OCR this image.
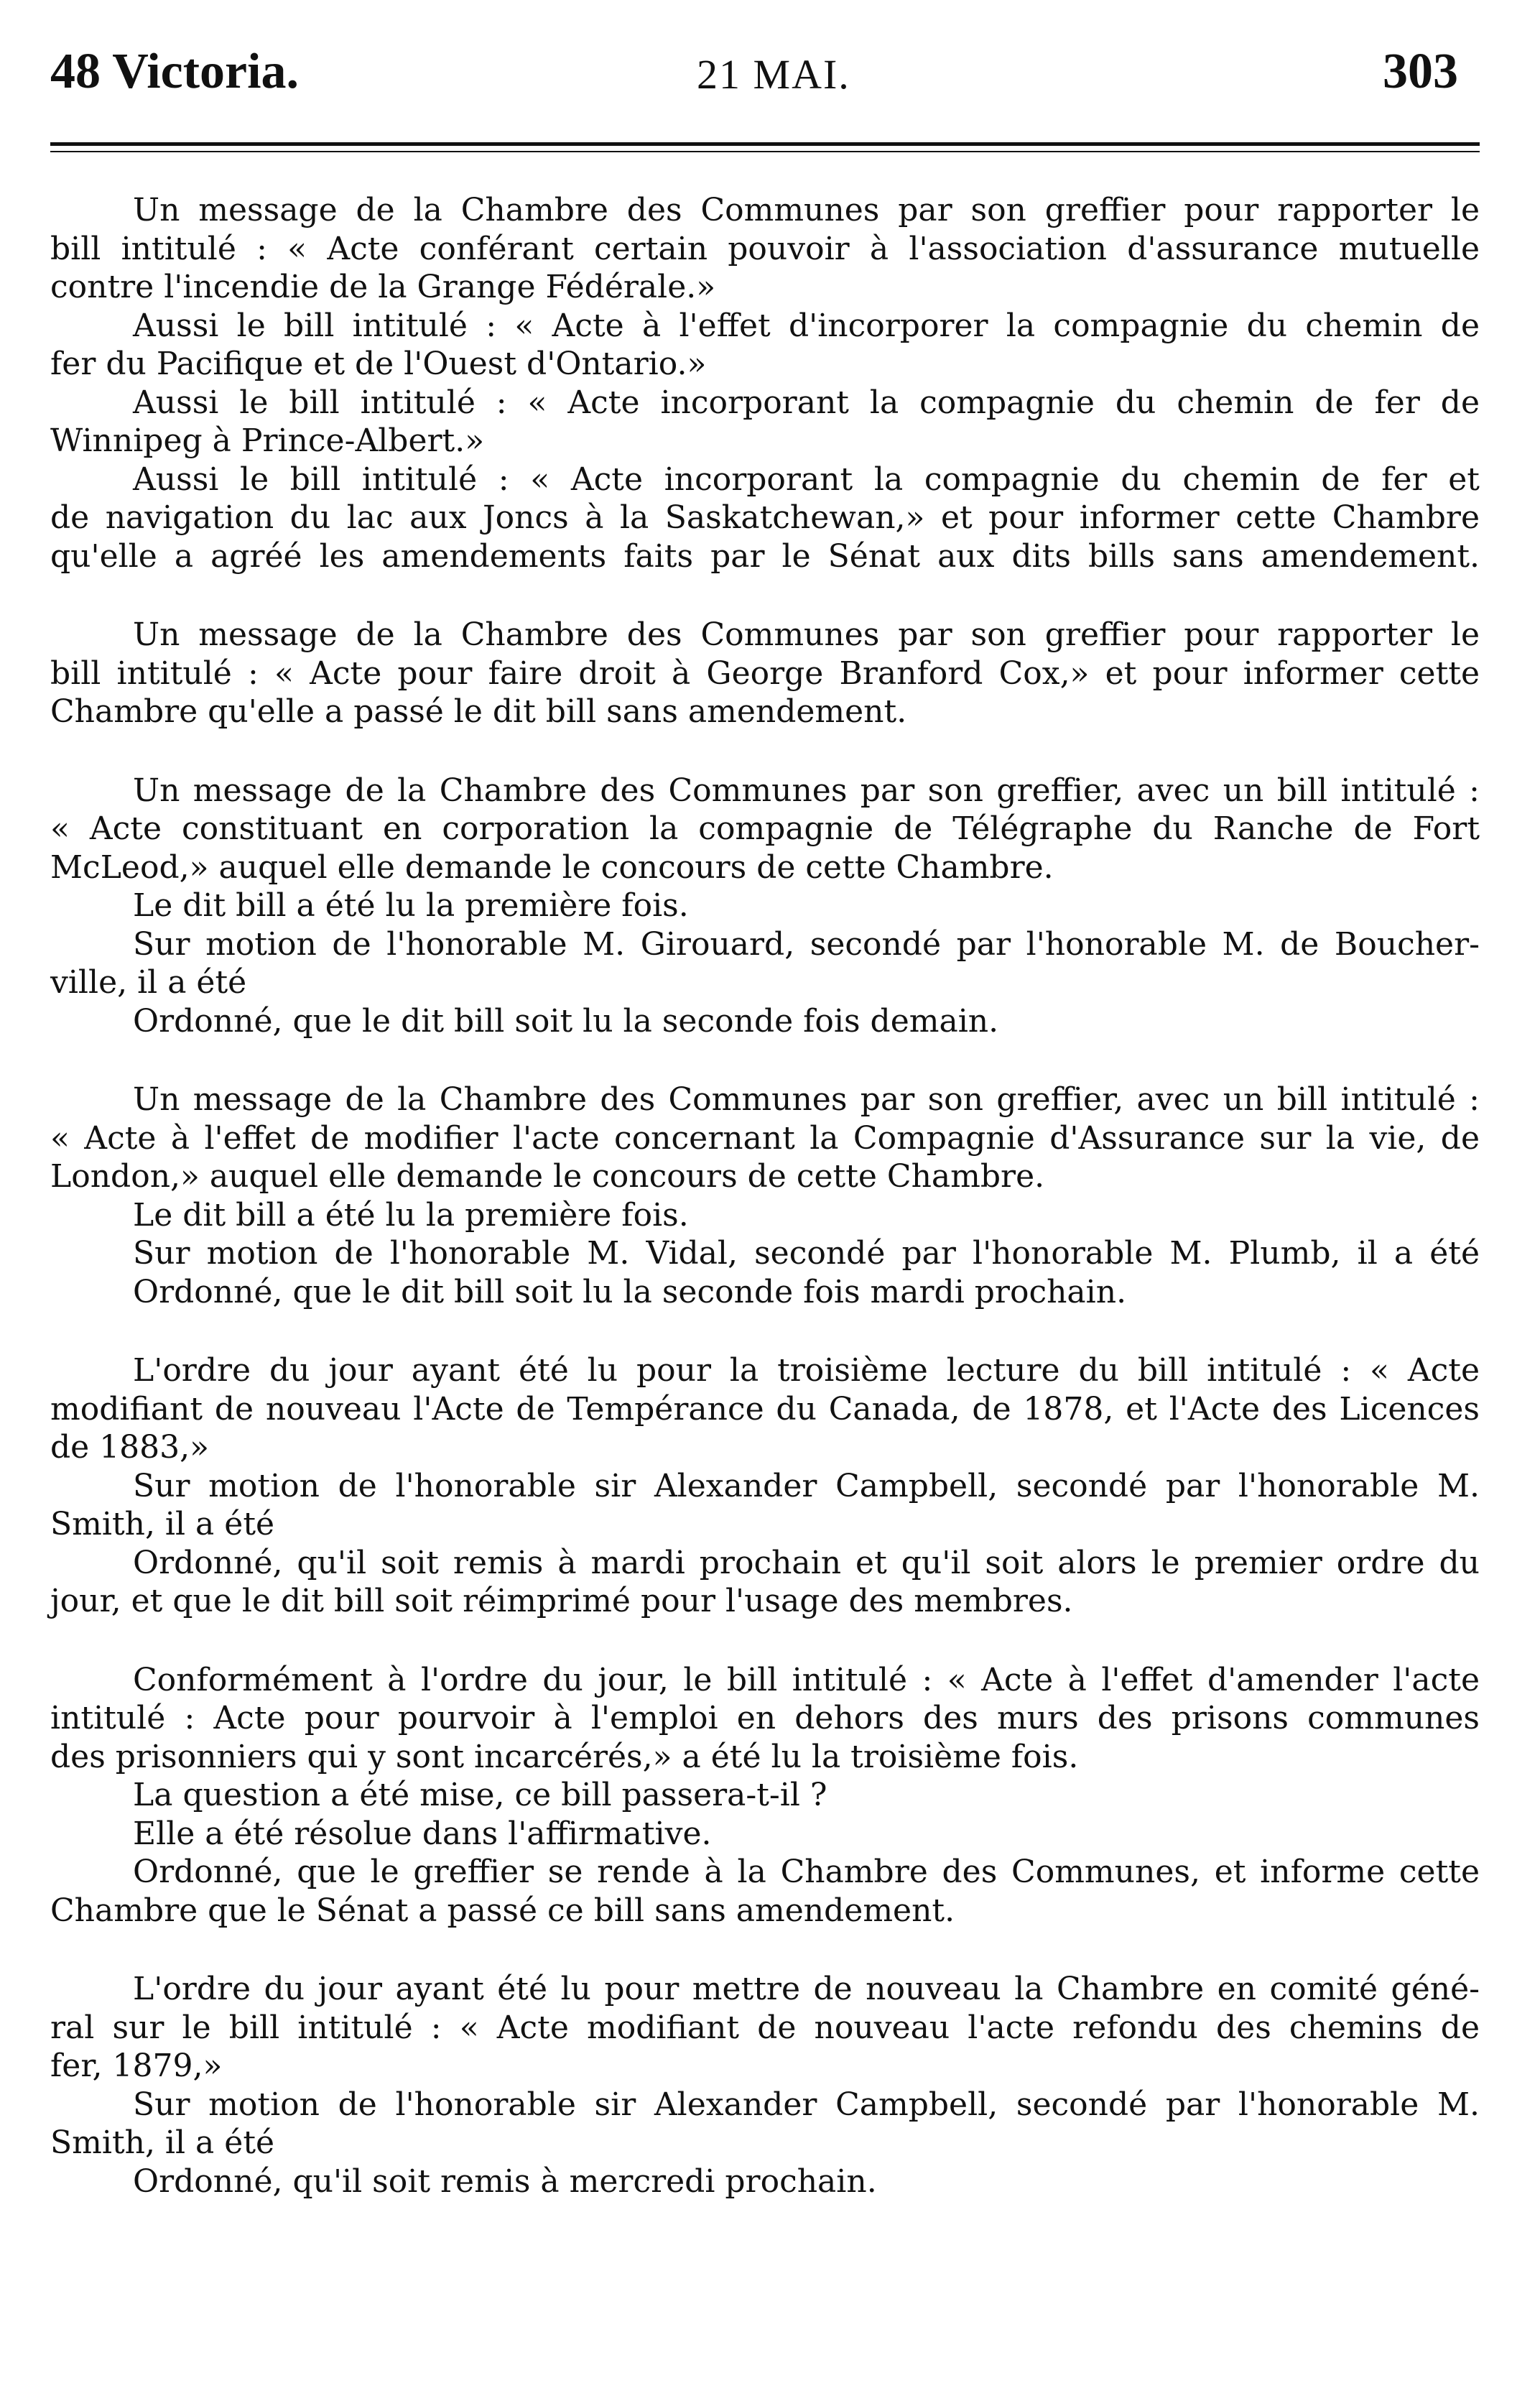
48 Victoria.	21 MAI.	303
Un message de la Chambre des Communes par son greffier pour rapporter le
bill intitulé : « Acte conférant certain pouvoir à l'association d'assurance mutuelle
contre l'incendie de la Grange Fédérale.»
Aussi le bill intitulé : « Acte à l'effet d'incorporer la compagnie du chemin de
fer du Pacifique et de l'Ouest d'Ontario.»
Aussi le bill intitulé : « Acte incorporant la compagnie du chemin de fer de
Winnipeg à Prince-Albert.»
Aussi le bill intitulé : « Acte incorporant la compagnie du chemin de fer et
de navigation du lac aux Joncs à la Saskatchewan,» et pour informer cette Chambre
qu'elle a agréé les amendements faits par le Sénat aux dits bills sans amendement.
Un message de la Chambre des Communes par son greffier pour rapporter le
bill intitulé : « Acte pour faire droit à George Branford Cox,» et pour informer cette
Chambre qu'elle a passé le dit bill sans amendement.
Un message de la Chambre des Communes par son greffier, avec un bill intitulé :
« Acte constituant en corporation la compagnie de Télégraphe du Ranche de Fort
McLeod,» auquel elle demande le concours de cette Chambre.
Le dit bill a été lu la première fois.
Sur motion de l'honorable M. Girouard, secondé par l'honorable M. de Boucher-
ville, il a été
Ordonné, que le dit bill soit lu la seconde fois demain.
Un message de la Chambre des Communes par son greffier, avec un bill intitulé :
« Acte à l'effet de modifier l'acte concernant la Compagnie d'Assurance sur la vie, de
London,» auquel elle demande le concours de cette Chambre.
Le dit bill a été lu la première fois.
Sur motion de l'honorable M. Vidal, secondé par l'honorable M. Plumb, il a été
Ordonné, que le dit bill soit lu la seconde fois mardi prochain.
L'ordre du jour ayant été lu pour la troisième lecture du bill intitulé : « Acte
modifiant de nouveau l'Acte de Tempérance du Canada, de 1878, et l'Acte des Licences
de 1883,»
Sur motion de l'honorable sir Alexander Campbell, secondé par l'honorable M.
Smith, il a été
Ordonné, qu'il soit remis à mardi prochain et qu'il soit alors le premier ordre du
jour, et que le dit bill soit réimprimé pour l'usage des membres.
Conformément à l'ordre du jour, le bill intitulé : « Acte à l'effet d'amender l'acte
intitulé : Acte pour pourvoir à l'emploi en dehors des murs des prisons communes
des prisonniers qui y sont incarcérés,» a été lu la troisième fois.
La question a été mise, ce bill passera-t-il ?
Elle a été résolue dans l'affirmative.
Ordonné, que le greffier se rende à la Chambre des Communes, et informe cette
Chambre que le Sénat a passé ce bill sans amendement.
L'ordre du jour ayant été lu pour mettre de nouveau la Chambre en comité géné-
ral sur le bill intitulé : « Acte modifiant de nouveau l'acte refondu des chemins de
fer, 1879,»
Sur motion de l'honorable sir Alexander Campbell, secondé par l'honorable M.
Smith, il a été
Ordonné, qu'il soit remis à mercredi prochain.
